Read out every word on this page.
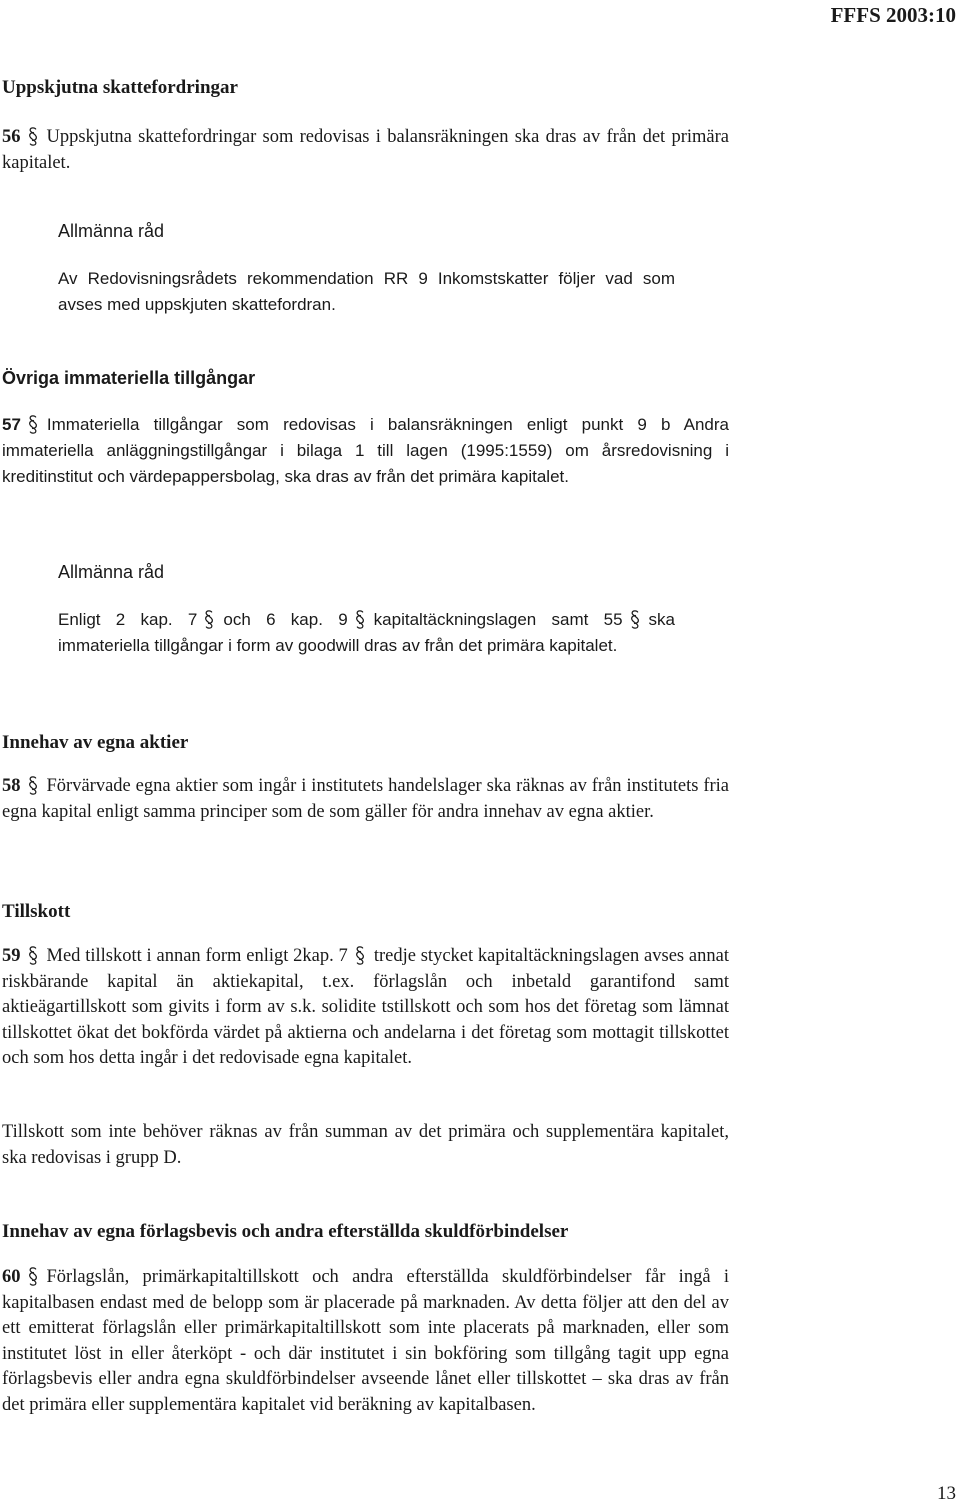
FFFS 2003:10
Uppskjutna skattefordringar

56 Uppskjutna skattefordringar som redovisas i balansräkningen ska dras av från det primära kapitalet.

Allmänna råd

Av Redovisningsrådets rekommendation RR 9 Inkomstskatter följer vad som avses med uppskjuten skattefordran.

Övriga immateriella tillgångar

57 Immateriella tillgångar som redovisas i balansräkningen enligt punkt 9 b Andra immateriella anläggningstillgångar i bilaga 1 till lagen (1995:1559) om årsredovisning i kreditinstitut och värdepappersbolag, ska dras av från det primära kapitalet.

Allmänna råd

Enligt 2 kap. 7 och 6 kap. 9 kapitaltäckningslagen samt 55 ska immateriella tillgångar i form av goodwill dras av från det primära kapitalet.

Innehav av egna aktier

58 Förvärvade egna aktier som ingår i institutets handelslager ska räknas av från institutets fria egna kapital enligt samma principer som de som gäller för andra innehav av egna aktier.

Tillskott

59 Med tillskott i annan form enligt 2kap. 7 tredje stycket kapitaltäckningslagen avses annat riskbärande kapital än aktiekapital, t.ex. förlagslån och inbetald garantifond samt aktieägartillskott som givits i form av s.k. solidite tstillskott och som hos det företag som lämnat tillskottet ökat det bokförda värdet på aktierna och andelarna i det företag som mottagit tillskottet och som hos detta ingår i det redovisade egna kapitalet.

Tillskott som inte behöver räknas av från summan av det primära och supplementära kapitalet, ska redovisas i grupp D.

Innehav av egna förlagsbevis och andra efterställda skuldförbindelser

60 Förlagslån, primärkapitaltillskott och andra efterställda skuldförbindelser får ingå i kapitalbasen endast med de belopp som är placerade på marknaden. Av detta följer att den del av ett emitterat förlagslån eller primärkapitaltillskott som inte placerats på marknaden, eller som institutet löst in eller återköpt - och där institutet i sin bokföring som tillgång tagit upp egna förlagsbevis eller andra egna skuldförbindelser avseende lånet eller tillskottet – ska dras av från det primära eller supplementära kapitalet vid beräkning av kapitalbasen.

13
